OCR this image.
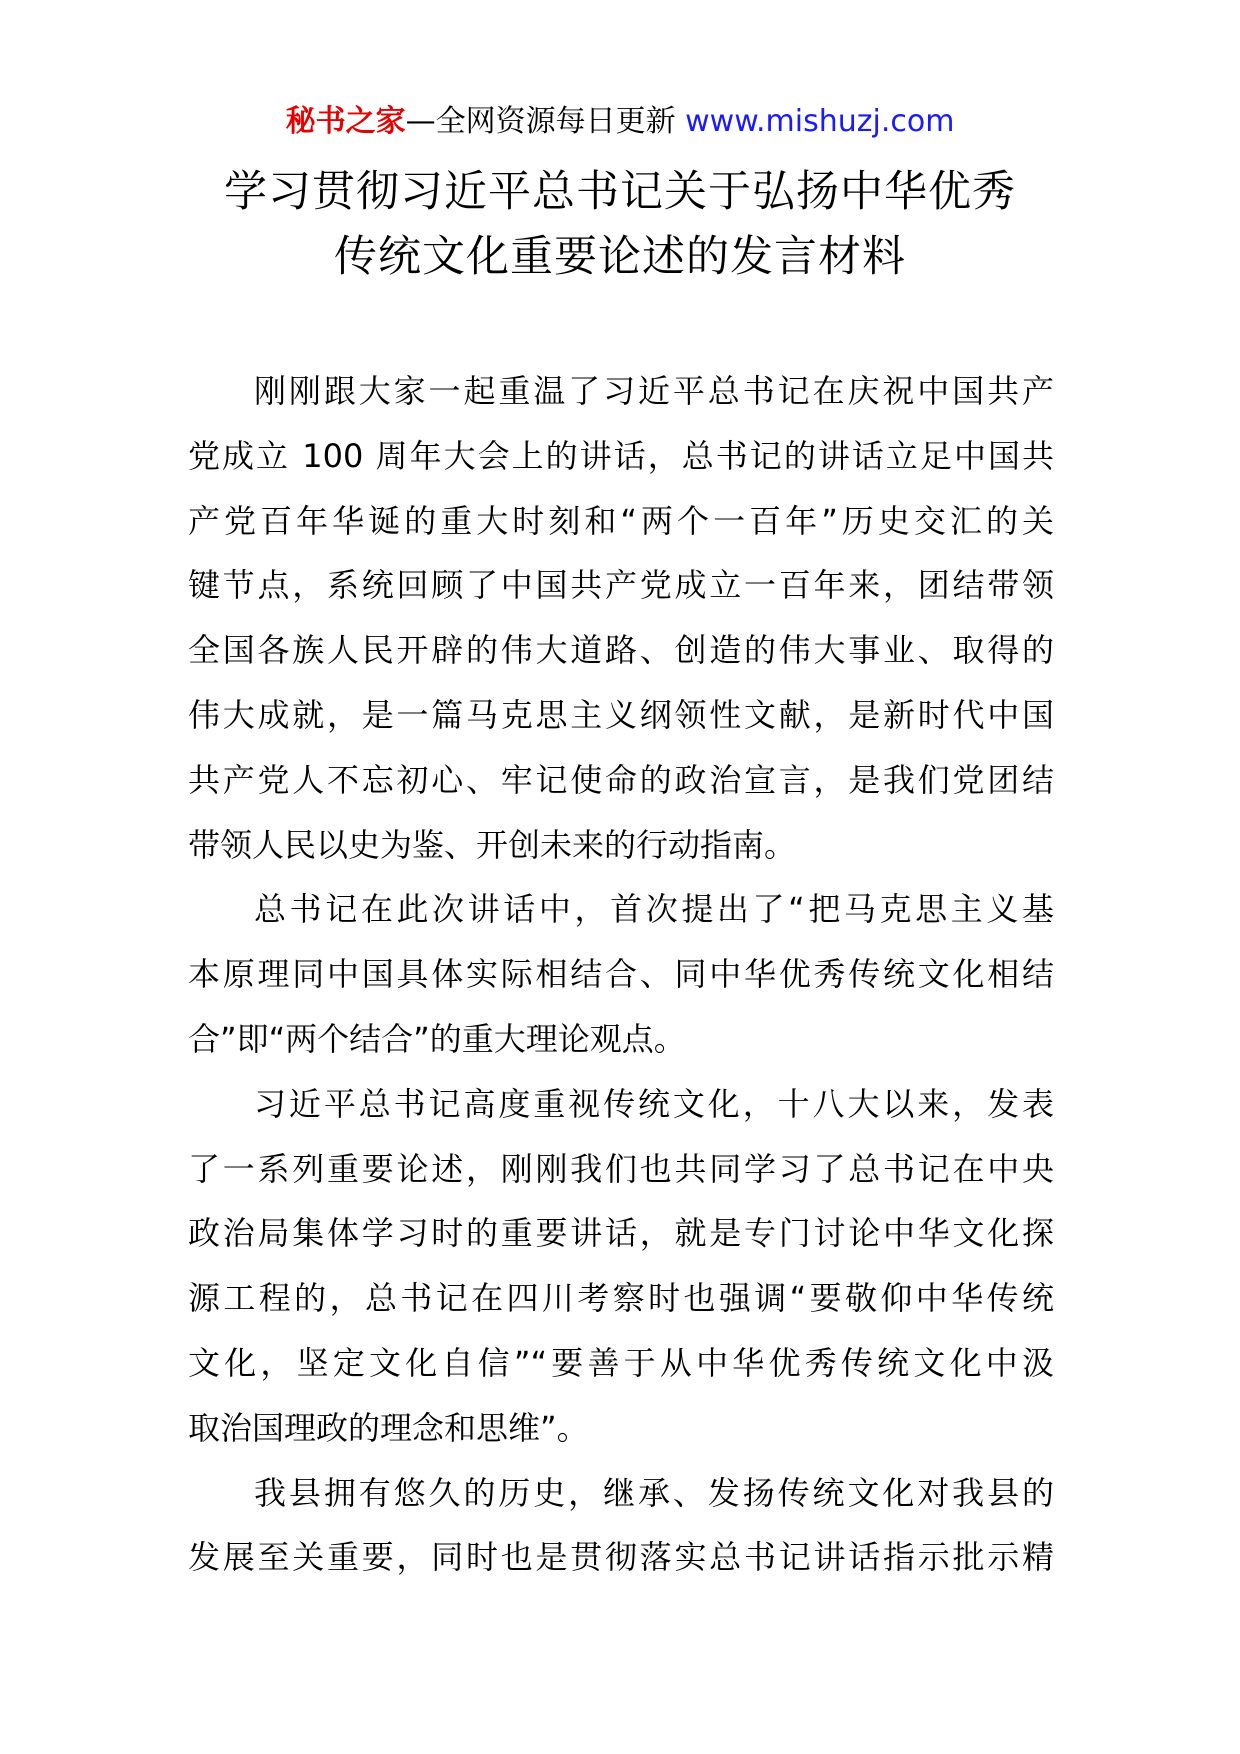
秘书之家—全网资源每日更新 www.mishuzj.com
学习贯彻习近平总书记关于弘扬中华优秀
传统文化重要论述的发言材料
刚刚跟大家一起重温了习近平总书记在庆祝中国共产
党成立 100 周年大会上的讲话，总书记的讲话立足中国共
产党百年华诞的重大时刻和“两个一百年”历史交汇的关
键节点，系统回顾了中国共产党成立一百年来，团结带领
全国各族人民开辟的伟大道路、创造的伟大事业、取得的
伟大成就，是一篇马克思主义纲领性文献，是新时代中国
共产党人不忘初心、牢记使命的政治宣言，是我们党团结
带领人民以史为鉴、开创未来的行动指南。
总书记在此次讲话中，首次提出了“把马克思主义基
本原理同中国具体实际相结合、同中华优秀传统文化相结
合”即“两个结合”的重大理论观点。
习近平总书记高度重视传统文化，十八大以来，发表
了一系列重要论述，刚刚我们也共同学习了总书记在中央
政治局集体学习时的重要讲话，就是专门讨论中华文化探
源工程的，总书记在四川考察时也强调“要敬仰中华传统
文化，坚定文化自信”“要善于从中华优秀传统文化中汲
取治国理政的理念和思维”。
我县拥有悠久的历史，继承、发扬传统文化对我县的
发展至关重要，同时也是贯彻落实总书记讲话指示批示精
